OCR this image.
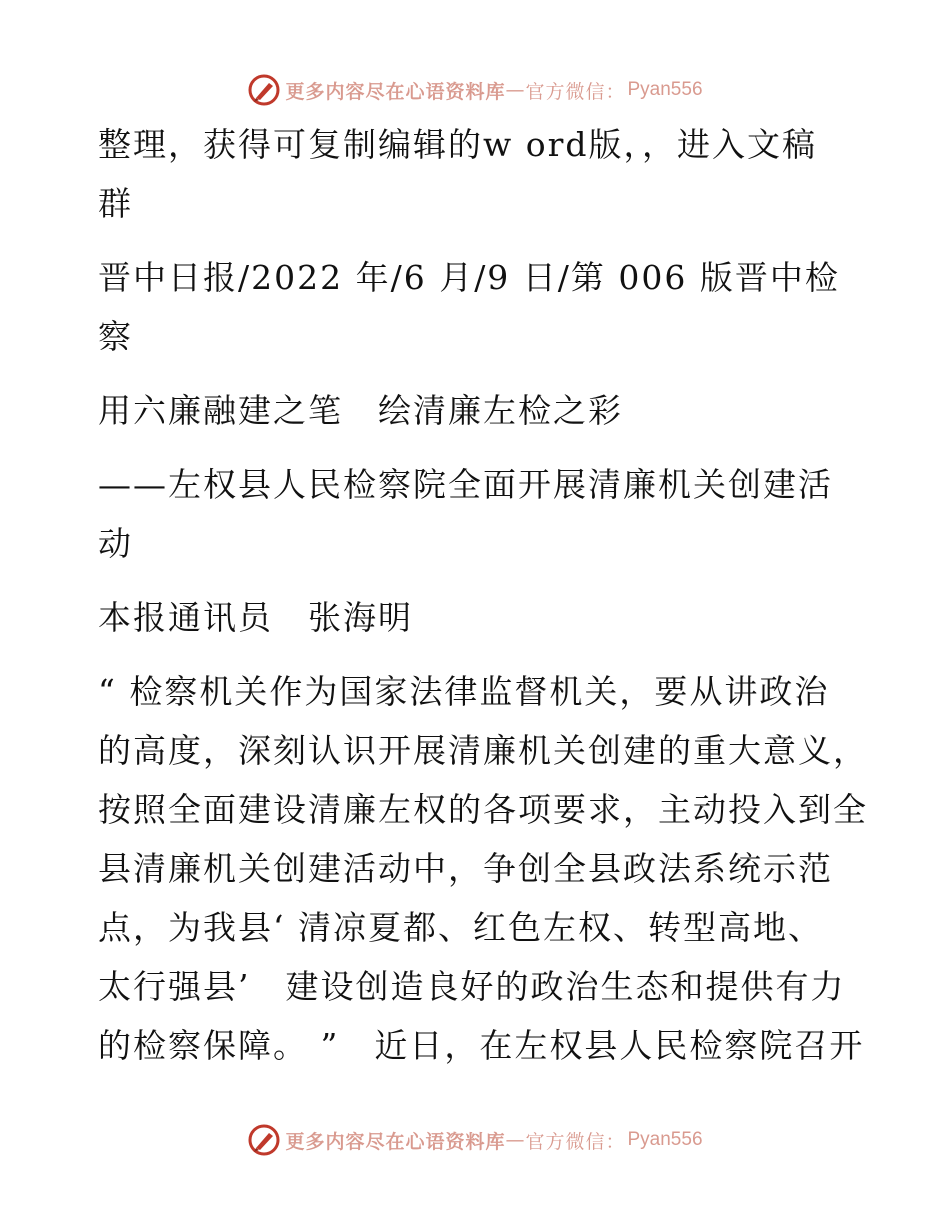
更多内容尽在心语资料库 — 官方微信： Pyan556
整理，获得可复制编辑的w ord版，，进入文稿
群
晋中日报/2022 年/6 月/9 日/第 006 版晋中检
察
用六廉融建之笔　绘清廉左检之彩
——左权县人民检察院全面开展清廉机关创建活
动
本报通讯员　张海明
“ 检察机关作为国家法律监督机关，要从讲政治
的高度，深刻认识开展清廉机关创建的重大意义，
按照全面建设清廉左权的各项要求，主动投入到全
县清廉机关创建活动中，争创全县政法系统示范
点，为我县‘ 清凉夏都、红色左权、转型高地、
太行强县’　建设创造良好的政治生态和提供有力
的检察保障。 ”　近日，在左权县人民检察院召开
更多内容尽在心语资料库 — 官方微信： Pyan556
